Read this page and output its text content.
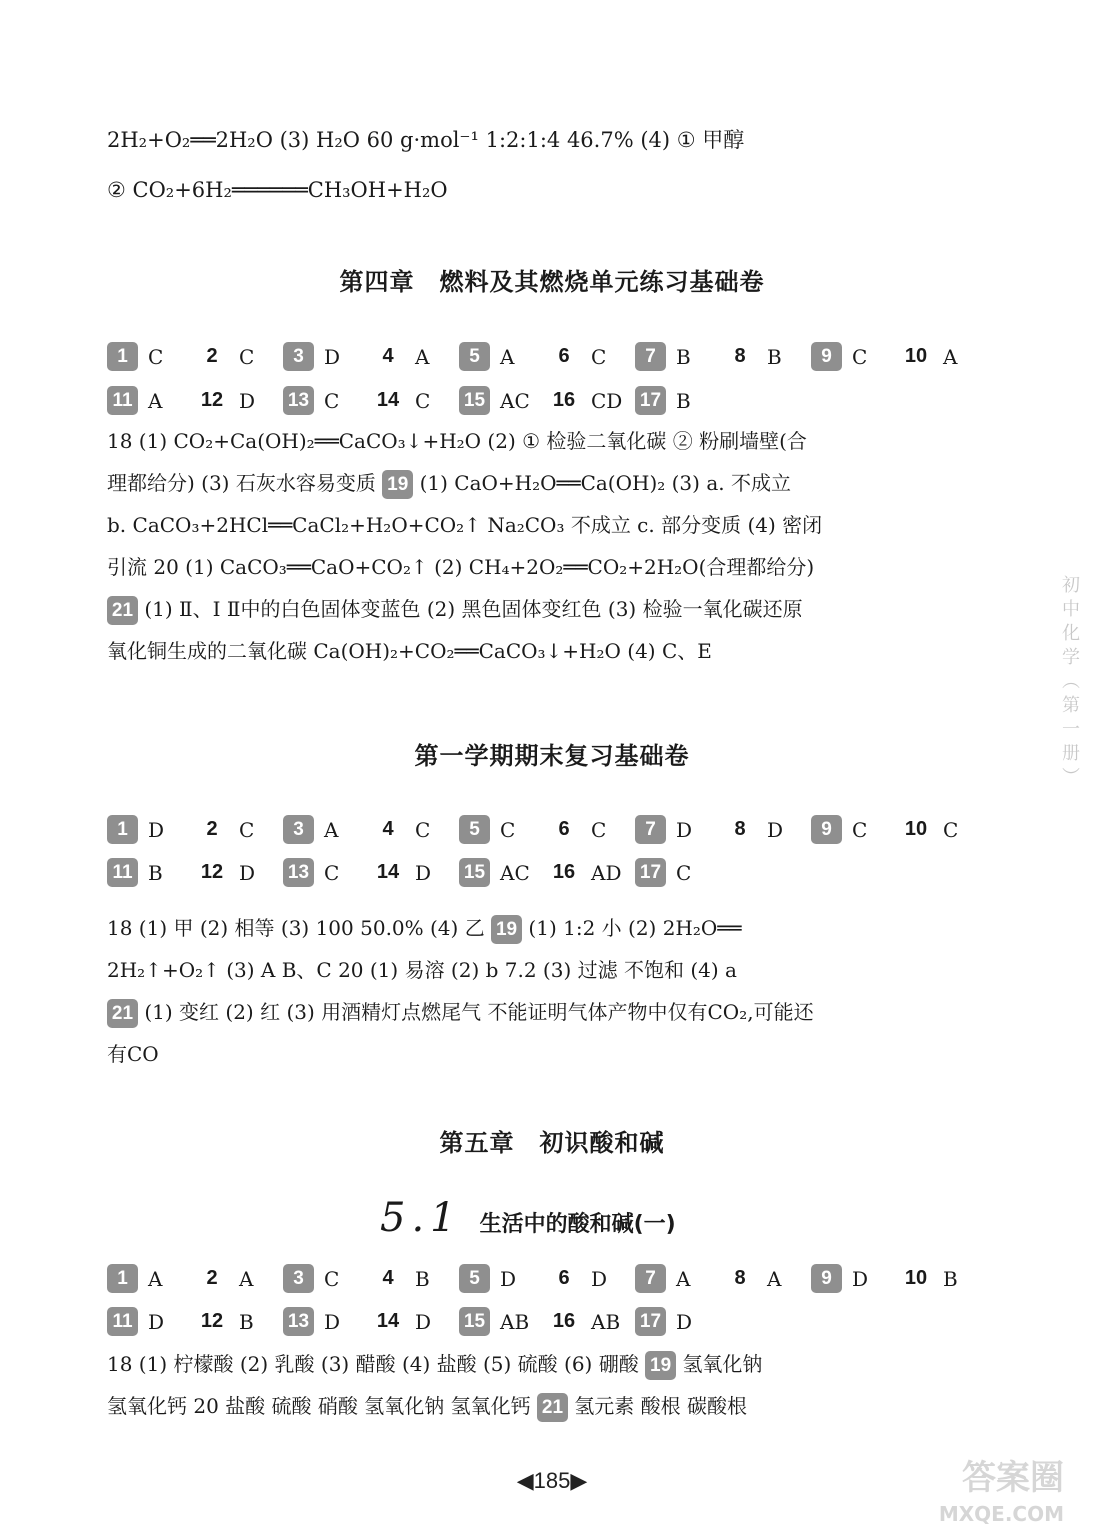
2H₂+O₂══2H₂O (3) H₂O 60 g·mol⁻¹ 1:2:1:4 46.7% (4) ① 甲醇
② CO₂+6H₂══════CH₃OH+H₂O
第四章　燃料及其燃烧单元练习基础卷
1	C	2	C	3	D	4	A	5	A	6	C	7	B	8	B	9	C 10 A
11 A 12 D 13 C 14 C 15 AC 16 CD 17 B
18 (1) CO₂+Ca(OH)₂══CaCO₃↓+H₂O (2) ① 检验二氧化碳 ② 粉刷墙壁(合
理都给分) (3) 石灰水容易变质 19 (1) CaO+H₂O══Ca(OH)₂ (3) a. 不成立
b. CaCO₃+2HCl══CaCl₂+H₂O+CO₂↑ Na₂CO₃ 不成立 c. 部分变质 (4) 密闭
引流 20 (1) CaCO₃══CaO+CO₂↑ (2) CH₄+2O₂══CO₂+2H₂O(合理都给分)
21 (1) Ⅱ、Ⅰ Ⅱ中的白色固体变蓝色 (2) 黑色固体变红色 (3) 检验一氧化碳还原
氧化铜生成的二氧化碳 Ca(OH)₂+CO₂══CaCO₃↓+H₂O (4) C、E
第一学期期末复习基础卷
1	D	2	C	3	A	4	C	5	C	6	C	7	D	8	D	9	C 10 C
11 B 12 D 13 C 14 D 15 AC 16 AD 17 C
18 (1) 甲 (2) 相等 (3) 100 50.0% (4) 乙 19 (1) 1:2 小 (2) 2H₂O══
2H₂↑+O₂↑ (3) A B、C 20 (1) 易溶 (2) b 7.2 (3) 过滤 不饱和 (4) a
21 (1) 变红 (2) 红 (3) 用酒精灯点燃尾气 不能证明气体产物中仅有CO₂,可能还
有CO
第五章　初识酸和碱
5.1 生活中的酸和碱(一)
1	A	2	A	3	C	4	B	5	D	6	D	7	A	8	A	9	D 10 B
11 D 12 B 13 D 14 D 15 AB 16 AB 17 D
18 (1) 柠檬酸 (2) 乳酸 (3) 醋酸 (4) 盐酸 (5) 硫酸 (6) 硼酸 19 氢氧化钠
氢氧化钙 20 盐酸 硫酸 硝酸 氢氧化钠 氢氧化钙 21 氢元素 酸根 碳酸根
◀185▶
初中化学（第一册）
答案圈
MXQE.COM
